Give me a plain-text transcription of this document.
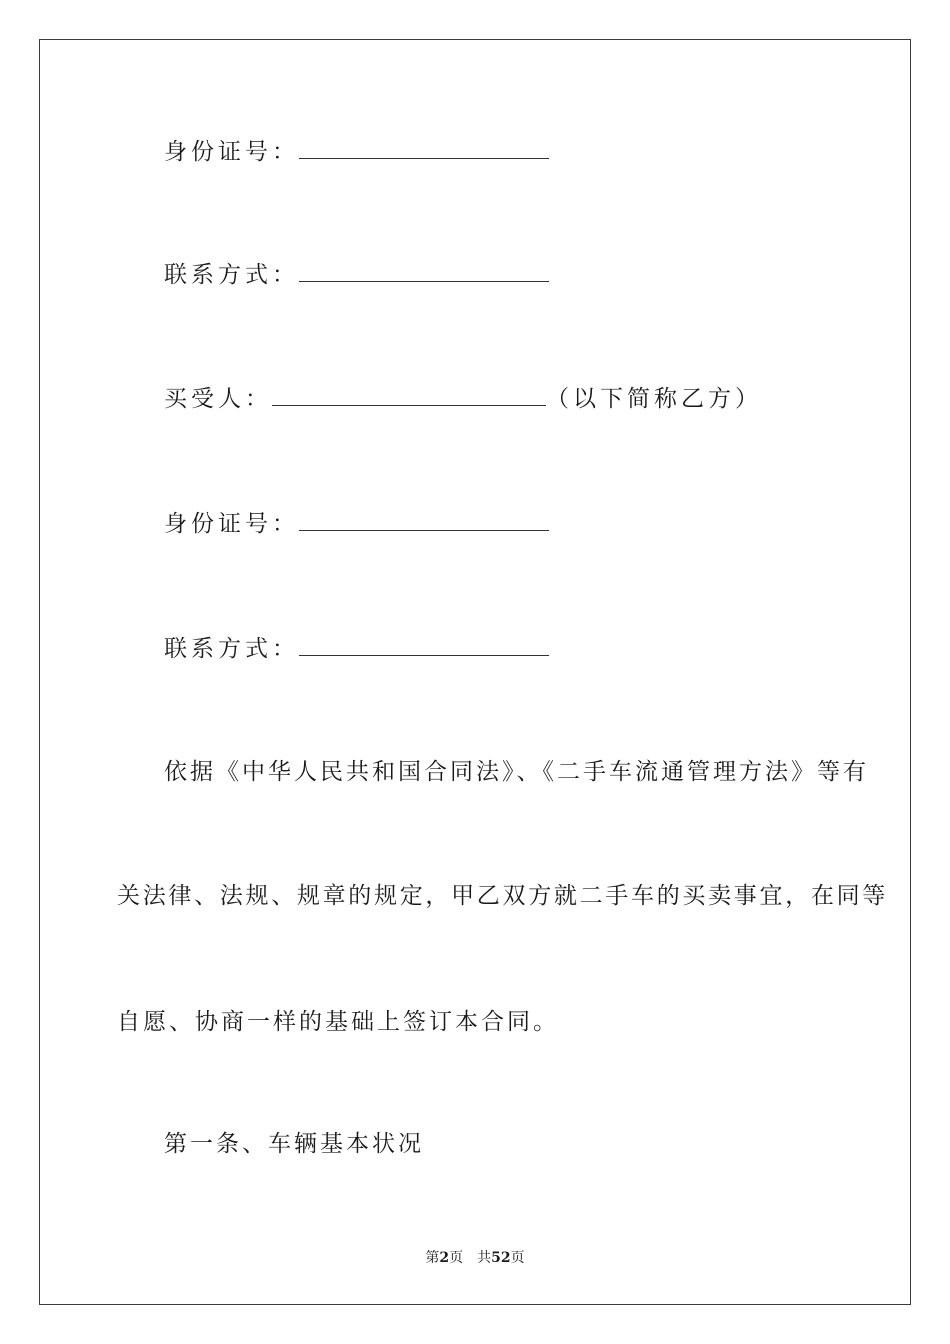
身份证号：
联系方式：
买受人：	（以下简称乙方）
身份证号：
联系方式：
依据《中华人民共和国合同法》、《二手车流通管理方法》等有
关法律、法规、规章的规定，甲乙双方就二手车的买卖事宜，在同等
自愿、协商一样的基础上签订本合同。
第一条、车辆基本状况
第2页　共52页
